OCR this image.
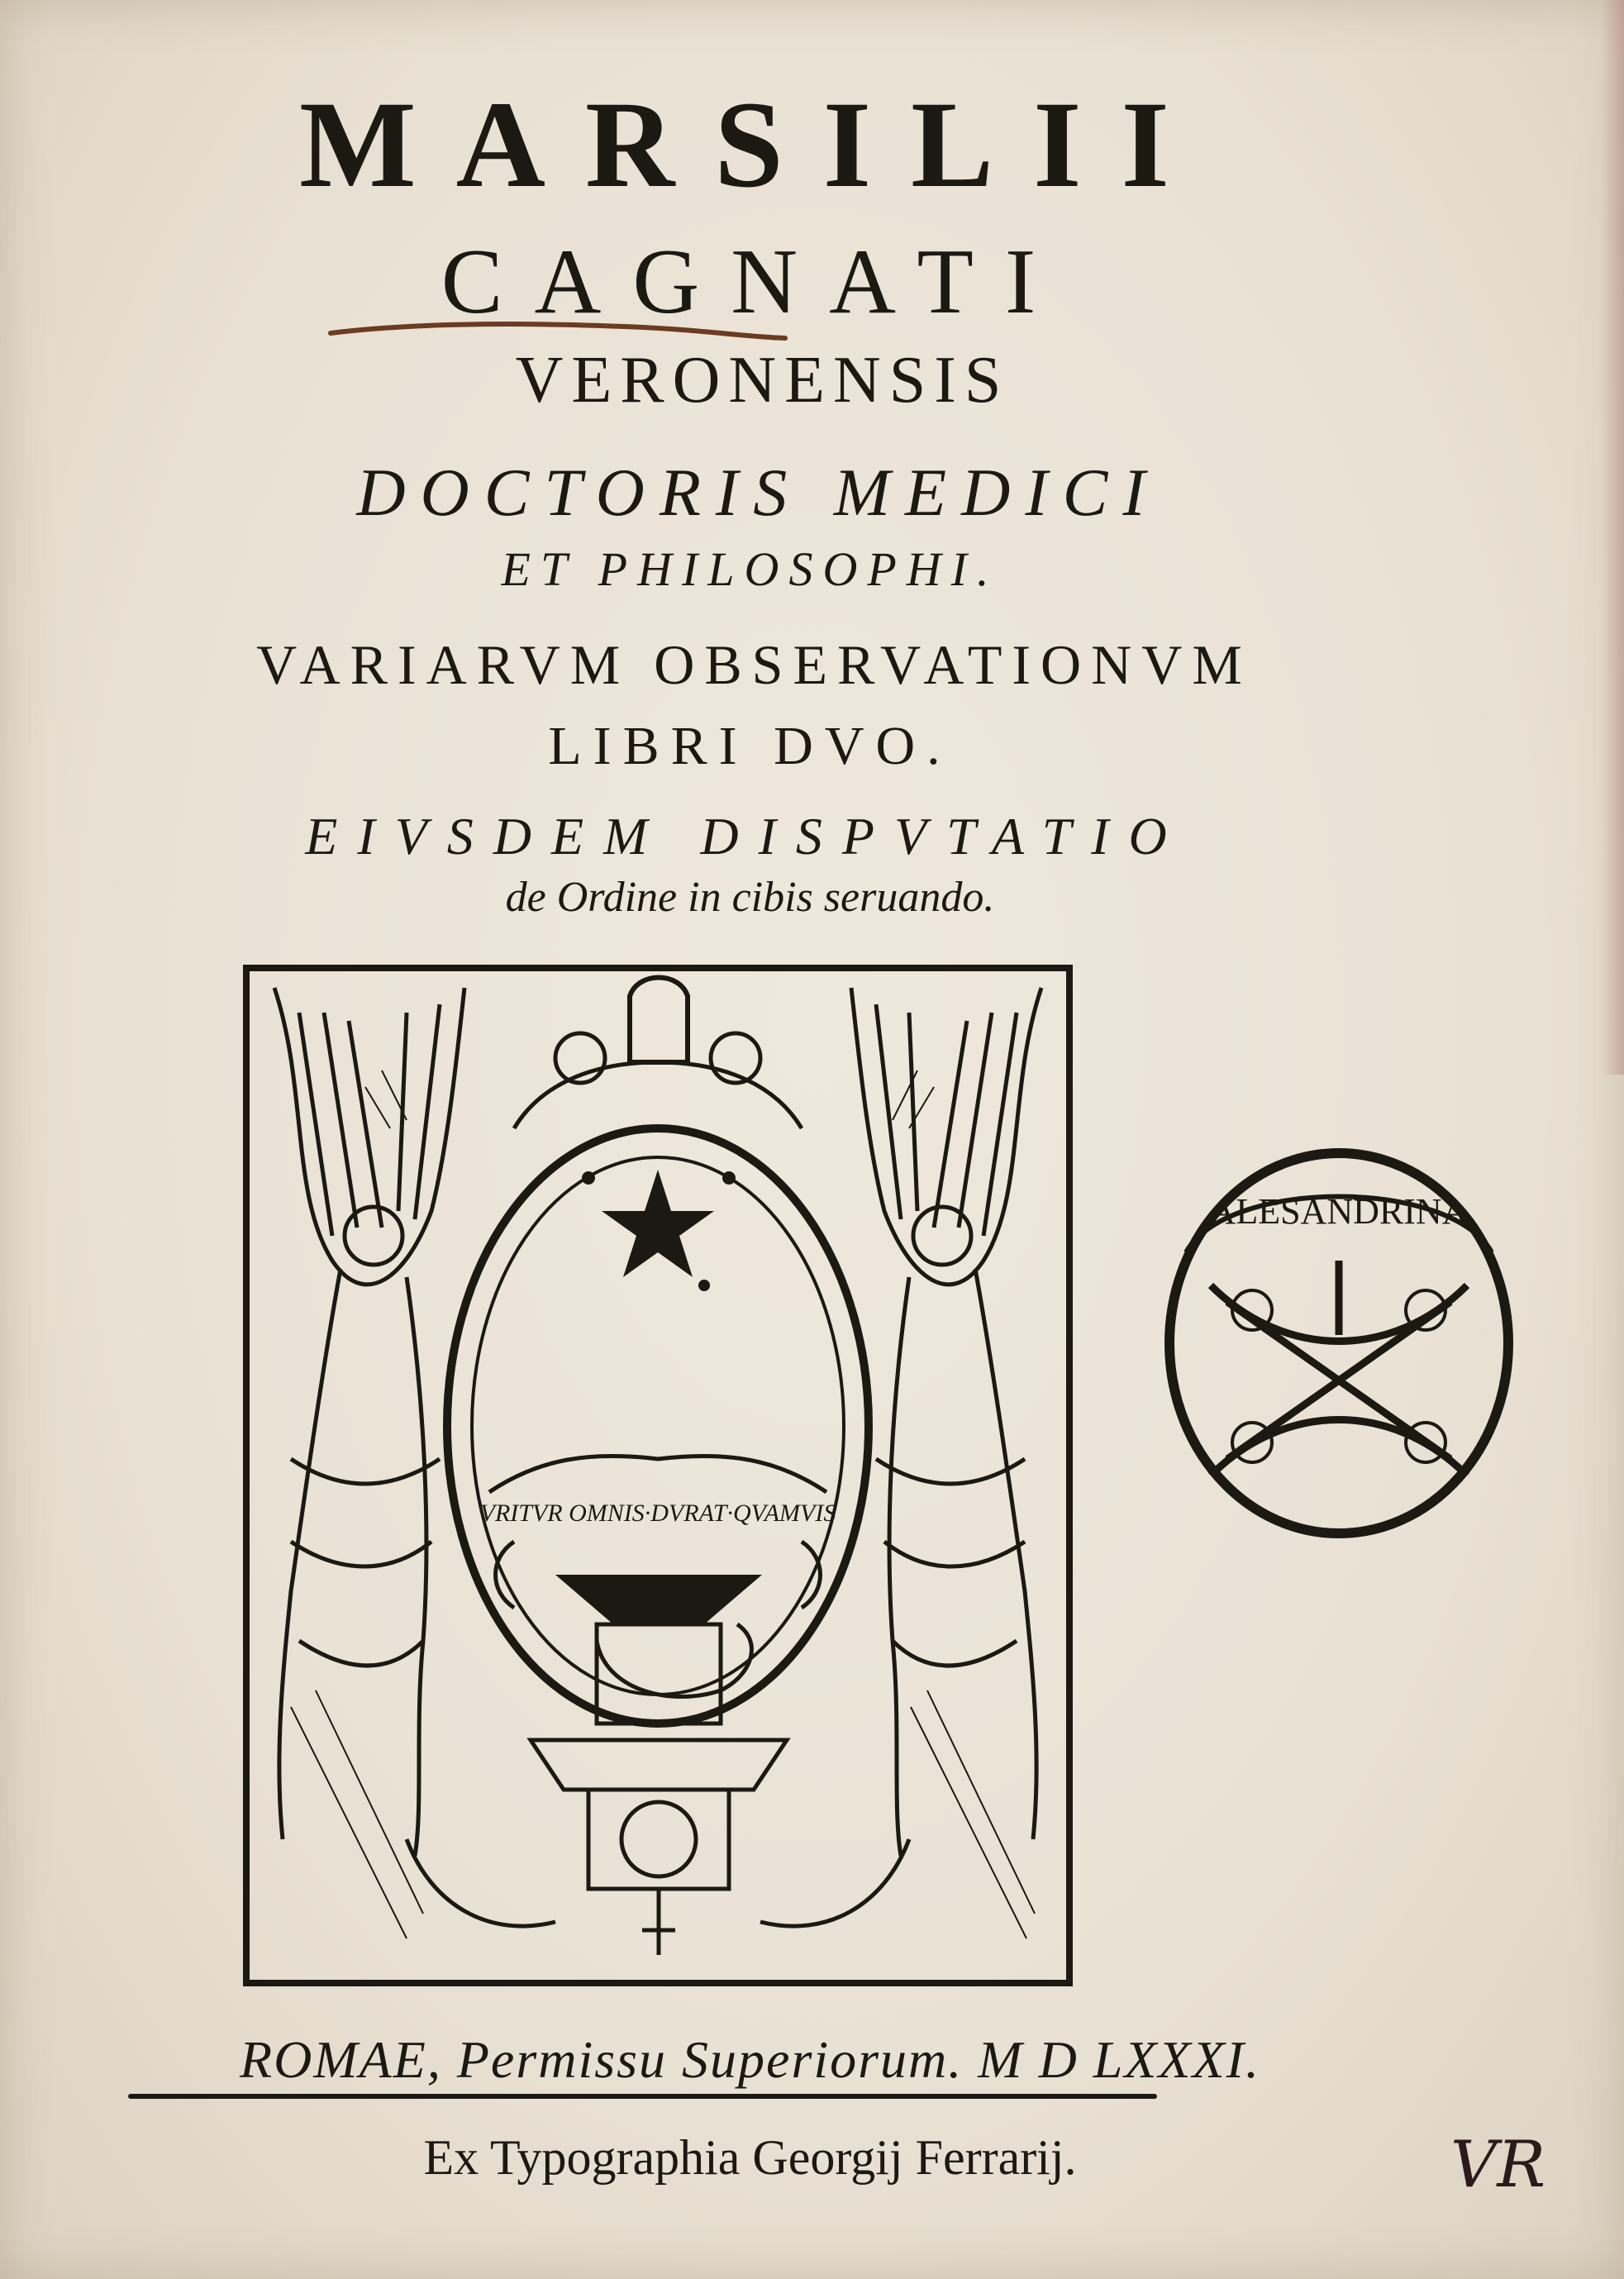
MARSILII
CAGNATI
VERONENSIS
DOCTORIS MEDICI
ET PHILOSOPHI.
VARIARVM OBSERVATIONVM
LIBRI DVO.
EIVSDEM DISPVTATIO
de Ordine in cibis seruando.
VRITVR OMNIS·DVRAT·QVAMVIS
ALESANDRINA
ROMAE, Permissu Superiorum. M D LXXXI.
Ex Typographia Georgij Ferrarij.	VR
